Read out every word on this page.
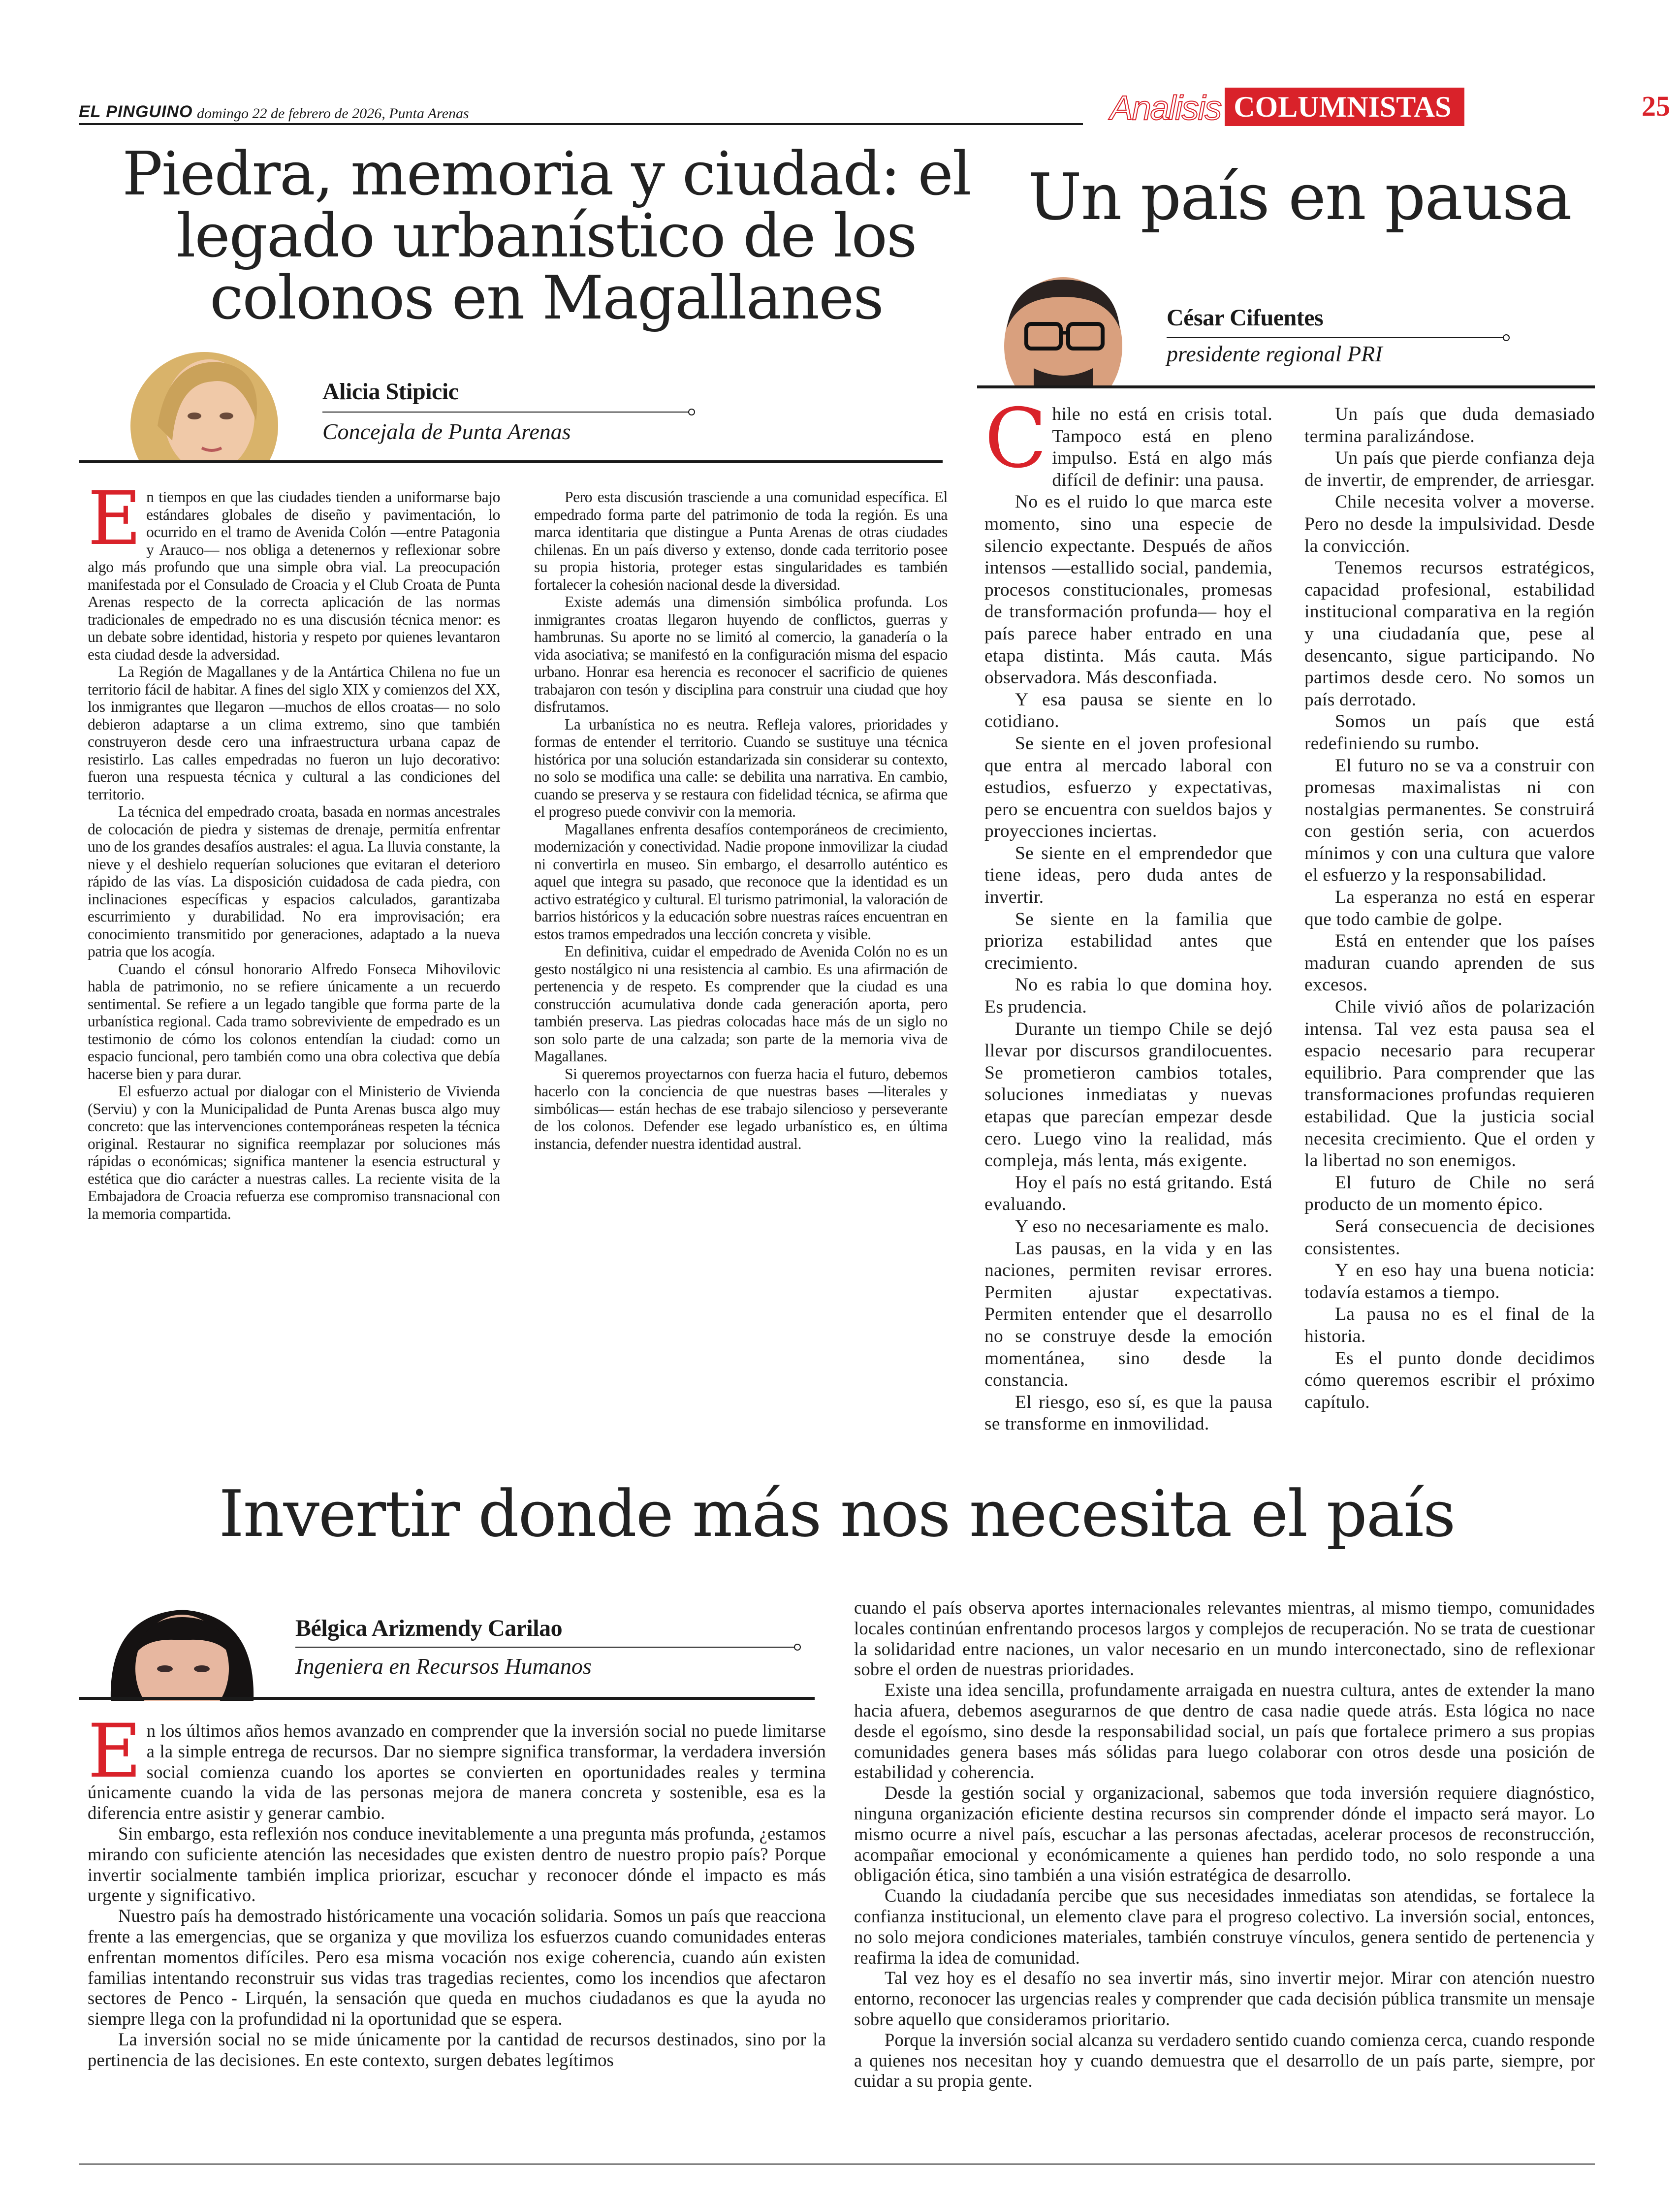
EL PINGUINO domingo 22 de febrero de 2026, Punta Arenas	Analisis COLUMNISTAS	25
Piedra, memoria y ciudad: el legado urbanístico de los colonos en Magallanes
Alicia Stipicic
Concejala de Punta Arenas
E n tiempos en que las ciudades tienden a uniformarse bajo estándares globales de diseño y pavimentación, lo ocurrido en el tramo de Avenida Colón —entre Patagonia y Arauco— nos obliga a detenernos y reflexionar sobre algo más profundo que una simple obra vial. La preocupación manifestada por el Consulado de Croacia y el Club Croata de Punta Arenas respecto de la correcta aplicación de las normas tradicionales de empedrado no es una discusión técnica menor: es un debate sobre identidad, historia y respeto por quienes levantaron esta ciudad desde la adversidad.

La Región de Magallanes y de la Antártica Chilena no fue un territorio fácil de habitar. A fines del siglo XIX y comienzos del XX, los inmigrantes que llegaron —muchos de ellos croatas— no solo debieron adaptarse a un clima extremo, sino que también construyeron desde cero una infraestructura urbana capaz de resistirlo. Las calles empedradas no fueron un lujo decorativo: fueron una respuesta técnica y cultural a las condiciones del territorio.

La técnica del empedrado croata, basada en normas ancestrales de colocación de piedra y sistemas de drenaje, permitía enfrentar uno de los grandes desafíos australes: el agua. La lluvia constante, la nieve y el deshielo requerían soluciones que evitaran el deterioro rápido de las vías. La disposición cuidadosa de cada piedra, con inclinaciones específicas y espacios calculados, garantizaba escurrimiento y durabilidad. No era improvisación; era conocimiento transmitido por generaciones, adaptado a la nueva patria que los acogía.

Cuando el cónsul honorario Alfredo Fonseca Mihovilovic habla de patrimonio, no se refiere únicamente a un recuerdo sentimental. Se refiere a un legado tangible que forma parte de la urbanística regional. Cada tramo sobreviviente de empedrado es un testimonio de cómo los colonos entendían la ciudad: como un espacio funcional, pero también como una obra colectiva que debía hacerse bien y para durar.

El esfuerzo actual por dialogar con el Ministerio de Vivienda (Serviu) y con la Municipalidad de Punta Arenas busca algo muy concreto: que las intervenciones contemporáneas respeten la técnica original. Restaurar no significa reemplazar por soluciones más rápidas o económicas; significa mantener la esencia estructural y estética que dio carácter a nuestras calles. La reciente visita de la Embajadora de Croacia refuerza ese compromiso transnacional con la memoria compartida.

Pero esta discusión trasciende a una comunidad específica. El empedrado forma parte del patrimonio de toda la región. Es una marca identitaria que distingue a Punta Arenas de otras ciudades chilenas. En un país diverso y extenso, donde cada territorio posee su propia historia, proteger estas singularidades es también fortalecer la cohesión nacional desde la diversidad.

Existe además una dimensión simbólica profunda. Los inmigrantes croatas llegaron huyendo de conflictos, guerras y hambrunas. Su aporte no se limitó al comercio, la ganadería o la vida asociativa; se manifestó en la configuración misma del espacio urbano. Honrar esa herencia es reconocer el sacrificio de quienes trabajaron con tesón y disciplina para construir una ciudad que hoy disfrutamos.

La urbanística no es neutra. Refleja valores, prioridades y formas de entender el territorio. Cuando se sustituye una técnica histórica por una solución estandarizada sin considerar su contexto, no solo se modifica una calle: se debilita una narrativa. En cambio, cuando se preserva y se restaura con fidelidad técnica, se afirma que el progreso puede convivir con la memoria.

Magallanes enfrenta desafíos contemporáneos de crecimiento, modernización y conectividad. Nadie propone inmovilizar la ciudad ni convertirla en museo. Sin embargo, el desarrollo auténtico es aquel que integra su pasado, que reconoce que la identidad es un activo estratégico y cultural. El turismo patrimonial, la valoración de barrios históricos y la educación sobre nuestras raíces encuentran en estos tramos empedrados una lección concreta y visible.

En definitiva, cuidar el empedrado de Avenida Colón no es un gesto nostálgico ni una resistencia al cambio. Es una afirmación de pertenencia y de respeto. Es comprender que la ciudad es una construcción acumulativa donde cada generación aporta, pero también preserva. Las piedras colocadas hace más de un siglo no son solo parte de una calzada; son parte de la memoria viva de Magallanes.

Si queremos proyectarnos con fuerza hacia el futuro, debemos hacerlo con la conciencia de que nuestras bases —literales y simbólicas— están hechas de ese trabajo silencioso y perseverante de los colonos. Defender ese legado urbanístico es, en última instancia, defender nuestra identidad austral.

Un país en pausa
César Cifuentes
presidente regional PRI
C hile no está en crisis total. Tampoco está en pleno impulso. Está en algo más difícil de definir: una pausa.

No es el ruido lo que marca este momento, sino una especie de silencio expectante. Después de años intensos —estallido social, pandemia, procesos constitucionales, promesas de transformación profunda— hoy el país parece haber entrado en una etapa distinta. Más cauta. Más observadora. Más desconfiada.

Y esa pausa se siente en lo cotidiano.

Se siente en el joven profesional que entra al mercado laboral con estudios, esfuerzo y expectativas, pero se encuentra con sueldos bajos y proyecciones inciertas.

Se siente en el emprendedor que tiene ideas, pero duda antes de invertir.

Se siente en la familia que prioriza estabilidad antes que crecimiento.

No es rabia lo que domina hoy. Es prudencia.

Durante un tiempo Chile se dejó llevar por discursos grandilocuentes. Se prometieron cambios totales, soluciones inmediatas y nuevas etapas que parecían empezar desde cero. Luego vino la realidad, más compleja, más lenta, más exigente.

Hoy el país no está gritando. Está evaluando.

Y eso no necesariamente es malo.

Las pausas, en la vida y en las naciones, permiten revisar errores. Permiten ajustar expectativas. Permiten entender que el desarrollo no se construye desde la emoción momentánea, sino desde la constancia.

El riesgo, eso sí, es que la pausa se transforme en inmovilidad.

Un país que duda demasiado termina paralizándose.

Un país que pierde confianza deja de invertir, de emprender, de arriesgar.

Chile necesita volver a moverse. Pero no desde la impulsividad. Desde la convicción.

Tenemos recursos estratégicos, capacidad profesional, estabilidad institucional comparativa en la región y una ciudadanía que, pese al desencanto, sigue participando. No partimos desde cero. No somos un país derrotado.

Somos un país que está redefiniendo su rumbo.

El futuro no se va a construir con promesas maximalistas ni con nostalgias permanentes. Se construirá con gestión seria, con acuerdos mínimos y con una cultura que valore el esfuerzo y la responsabilidad.

La esperanza no está en esperar que todo cambie de golpe.

Está en entender que los países maduran cuando aprenden de sus excesos.

Chile vivió años de polarización intensa. Tal vez esta pausa sea el espacio necesario para recuperar equilibrio. Para comprender que las transformaciones profundas requieren estabilidad. Que la justicia social necesita crecimiento. Que el orden y la libertad no son enemigos.

El futuro de Chile no será producto de un momento épico.

Será consecuencia de decisiones consistentes.

Y en eso hay una buena noticia: todavía estamos a tiempo.

La pausa no es el final de la historia.

Es el punto donde decidimos cómo queremos escribir el próximo capítulo.

Invertir donde más nos necesita el país
Bélgica Arizmendy Carilao
Ingeniera en Recursos Humanos
E n los últimos años hemos avanzado en comprender que la inversión social no puede limitarse a la simple entrega de recursos. Dar no siempre significa transformar, la verdadera inversión social comienza cuando los aportes se convierten en oportunidades reales y termina únicamente cuando la vida de las personas mejora de manera concreta y sostenible, esa es la diferencia entre asistir y generar cambio.

Sin embargo, esta reflexión nos conduce inevitablemente a una pregunta más profunda, ¿estamos mirando con suficiente atención las necesidades que existen dentro de nuestro propio país? Porque invertir socialmente también implica priorizar, escuchar y reconocer dónde el impacto es más urgente y significativo.

Nuestro país ha demostrado históricamente una vocación solidaria. Somos un país que reacciona frente a las emergencias, que se organiza y que moviliza los esfuerzos cuando comunidades enteras enfrentan momentos difíciles. Pero esa misma vocación nos exige coherencia, cuando aún existen familias intentando reconstruir sus vidas tras tragedias recientes, como los incendios que afectaron sectores de Penco - Lirquén, la sensación que queda en muchos ciudadanos es que la ayuda no siempre llega con la profundidad ni la oportunidad que se espera.

La inversión social no se mide únicamente por la cantidad de recursos destinados, sino por la pertinencia de las decisiones. En este contexto, surgen debates legítimos

cuando el país observa aportes internacionales relevantes mientras, al mismo tiempo, comunidades locales continúan enfrentando procesos largos y complejos de recuperación. No se trata de cuestionar la solidaridad entre naciones, un valor necesario en un mundo interconectado, sino de reflexionar sobre el orden de nuestras prioridades.

Existe una idea sencilla, profundamente arraigada en nuestra cultura, antes de extender la mano hacia afuera, debemos asegurarnos de que dentro de casa nadie quede atrás. Esta lógica no nace desde el egoísmo, sino desde la responsabilidad social, un país que fortalece primero a sus propias comunidades genera bases más sólidas para luego colaborar con otros desde una posición de estabilidad y coherencia.

Desde la gestión social y organizacional, sabemos que toda inversión requiere diagnóstico, ninguna organización eficiente destina recursos sin comprender dónde el impacto será mayor. Lo mismo ocurre a nivel país, escuchar a las personas afectadas, acelerar procesos de reconstrucción, acompañar emocional y económicamente a quienes han perdido todo, no solo responde a una obligación ética, sino también a una visión estratégica de desarrollo.

Cuando la ciudadanía percibe que sus necesidades inmediatas son atendidas, se fortalece la confianza institucional, un elemento clave para el progreso colectivo. La inversión social, entonces, no solo mejora condiciones materiales, también construye vínculos, genera sentido de pertenencia y reafirma la idea de comunidad.

Tal vez hoy es el desafío no sea invertir más, sino invertir mejor. Mirar con atención nuestro entorno, reconocer las urgencias reales y comprender que cada decisión pública transmite un mensaje sobre aquello que consideramos prioritario.

Porque la inversión social alcanza su verdadero sentido cuando comienza cerca, cuando responde a quienes nos necesitan hoy y cuando demuestra que el desarrollo de un país parte, siempre, por cuidar a su propia gente.
